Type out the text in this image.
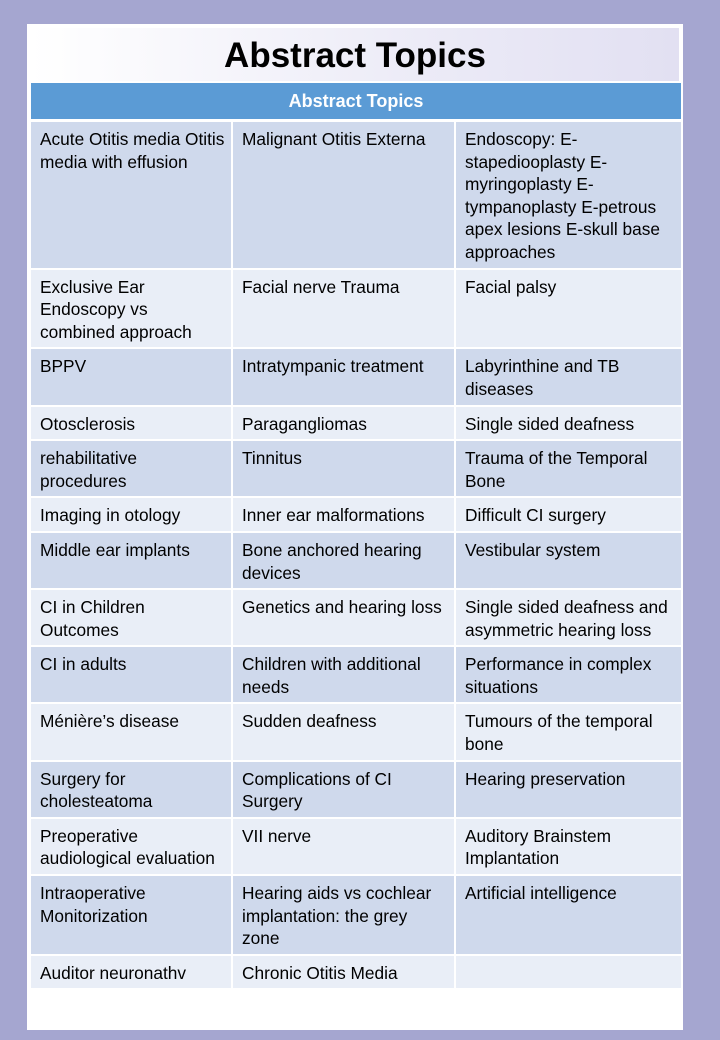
Abstract Topics
Abstract Topics		
Acute Otitis media Otitis media with effusion	Malignant Otitis Externa	Endoscopy: E-stapediooplasty E-myringoplasty E-tympanoplasty E-petrous apex lesions E-skull base approaches
Exclusive Ear Endoscopy vs combined approach	Facial nerve Trauma	Facial palsy
BPPV	Intratympanic treatment	Labyrinthine and TB diseases
Otosclerosis	Paragangliomas	Single sided deafness
rehabilitative procedures	Tinnitus	Trauma of the Temporal Bone
Imaging in otology	Inner ear malformations	Difficult CI surgery
Middle ear implants	Bone anchored hearing devices	Vestibular system
CI in Children Outcomes	Genetics and hearing loss	Single sided deafness and asymmetric hearing loss
CI in adults	Children with additional needs	Performance in complex situations
Ménière’s disease	Sudden deafness	Tumours of the temporal bone
Surgery for cholesteatoma	Complications of CI Surgery	Hearing preservation
Preoperative audiological evaluation	VII nerve	Auditory Brainstem Implantation
Intraoperative Monitorization	Hearing aids vs cochlear implantation: the grey zone	Artificial intelligence
Auditor neuronathv	Chronic Otitis Media	
